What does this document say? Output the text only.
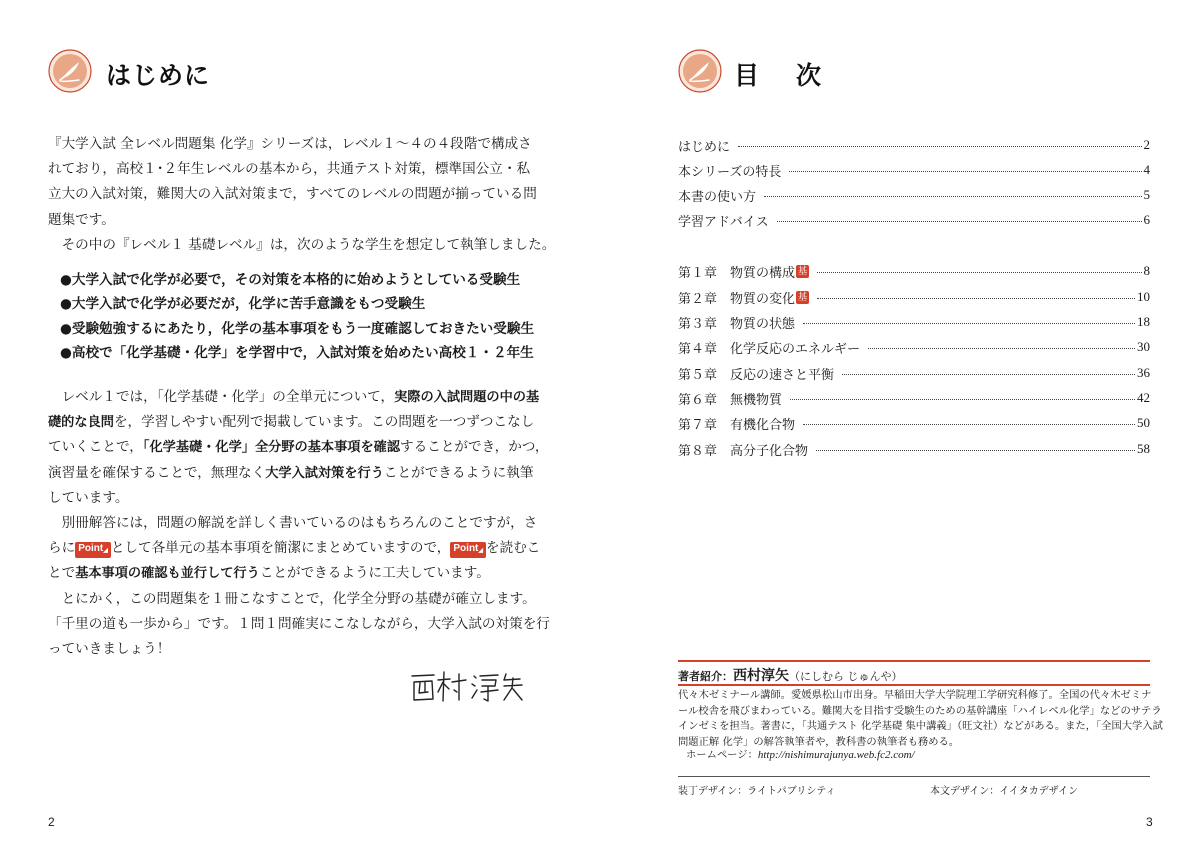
はじめに
『大学入試 全レベル問題集 化学』シリーズは，レベル１～４の４段階で構成さ
れており，高校１･２年生レベルの基本から，共通テスト対策，標準国公立・私
立大の入試対策，難関大の入試対策まで，すべてのレベルの問題が揃っている問
題集です。
　その中の『レベル１ 基礎レベル』は，次のような学生を想定して執筆しました。
●大学入試で化学が必要で，その対策を本格的に始めようとしている受験生
●大学入試で化学が必要だが，化学に苦手意識をもつ受験生
●受験勉強するにあたり，化学の基本事項をもう一度確認しておきたい受験生
●高校で「化学基礎・化学」を学習中で，入試対策を始めたい高校１・２年生
　レベル１では，「化学基礎・化学」の全単元について，実際の入試問題の中の基
礎的な良問を，学習しやすい配列で掲載しています。この問題を一つずつこなし
ていくことで，「化学基礎・化学」全分野の基本事項を確認することができ，かつ，
演習量を確保することで，無理なく大学入試対策を行うことができるように執筆
しています。
　別冊解答には，問題の解説を詳しく書いているのはもちろんのことですが，さ
らに Point$_◢$ として各単元の基本事項を簡潔にまとめていますので， Point$_◢$ を読むこ
とで基本事項の確認も並行して行うことができるように工夫しています。
　とにかく，この問題集を１冊こなすことで，化学全分野の基礎が確立します。
「千里の道も一歩から」です。１問１問確実にこなしながら，大学入試の対策を行
っていきましょう！
2
目　次
3
はじめに	2
本シリーズの特長	4
本書の使い方	5
学習アドバイス	6
第１章 物質の構成 基	8
第２章 物質の変化 基	10
第３章 物質の状態	18
第４章 化学反応のエネルギー	30
第５章 反応の速さと平衡	36
第６章 無機物質	42
第７章 有機化合物	50
第８章 高分子化合物	58
著者紹介：西村淳矢（にしむら じゅんや）
代々木ゼミナール講師。愛媛県松山市出身。早稲田大学大学院理工学研究科修了。全国の代々木ゼミナ
ール校舎を飛びまわっている。難関大を目指す受験生のための基幹講座「ハイレベル化学」などのサテラ
インゼミを担当。著書に，「共通テスト 化学基礎 集中講義」（旺文社）などがある。また，「全国大学入試
問題正解 化学」の解答執筆者や，教科書の執筆者も務める。
ホームページ：http://nishimurajunya.web.fc2.com/
装丁デザイン：ライトパブリシティ	本文デザイン：イイタカデザイン
